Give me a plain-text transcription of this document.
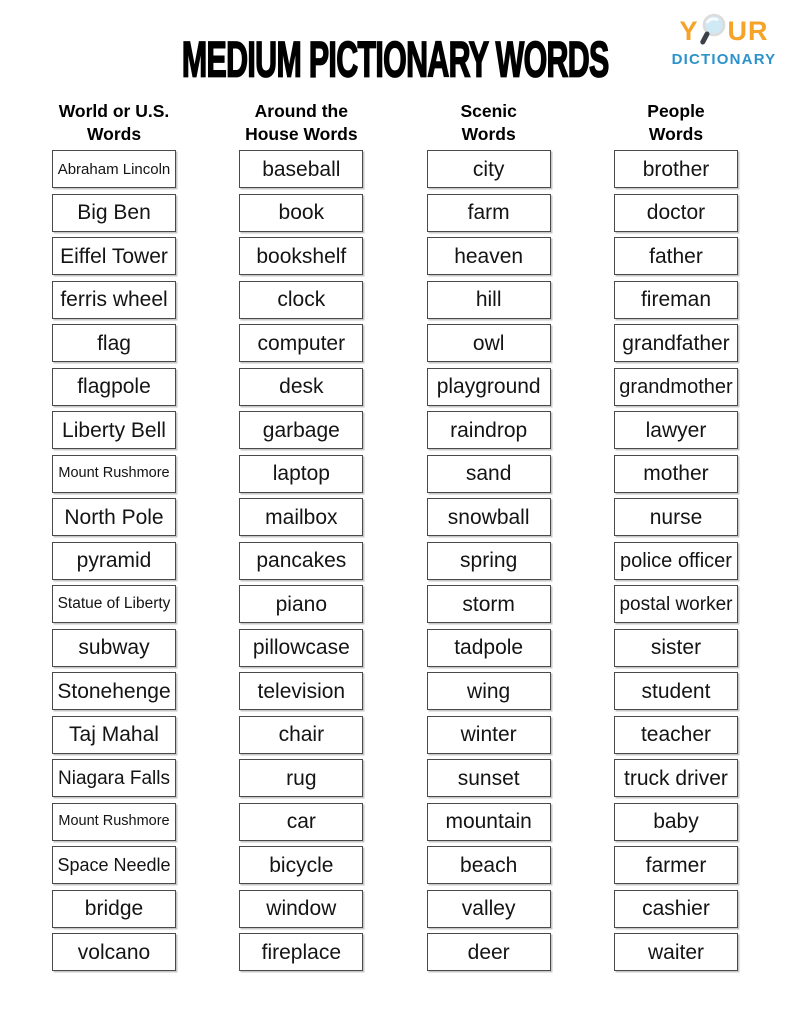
Y UR
DICTIONARY
MEDIUM PICTIONARY WORDS
World or U.S.
Words
Abraham Lincoln
Big Ben
Eiffel Tower
ferris wheel
flag
flagpole
Liberty Bell
Mount Rushmore
North Pole
pyramid
Statue of Liberty
subway
Stonehenge
Taj Mahal
Niagara Falls
Mount Rushmore
Space Needle
bridge
volcano
Around the
House Words
baseball
book
bookshelf
clock
computer
desk
garbage
laptop
mailbox
pancakes
piano
pillowcase
television
chair
rug
car
bicycle
window
fireplace
Scenic
Words
city
farm
heaven
hill
owl
playground
raindrop
sand
snowball
spring
storm
tadpole
wing
winter
sunset
mountain
beach
valley
deer
People
Words
brother
doctor
father
fireman
grandfather
grandmother
lawyer
mother
nurse
police officer
postal worker
sister
student
teacher
truck driver
baby
farmer
cashier
waiter
